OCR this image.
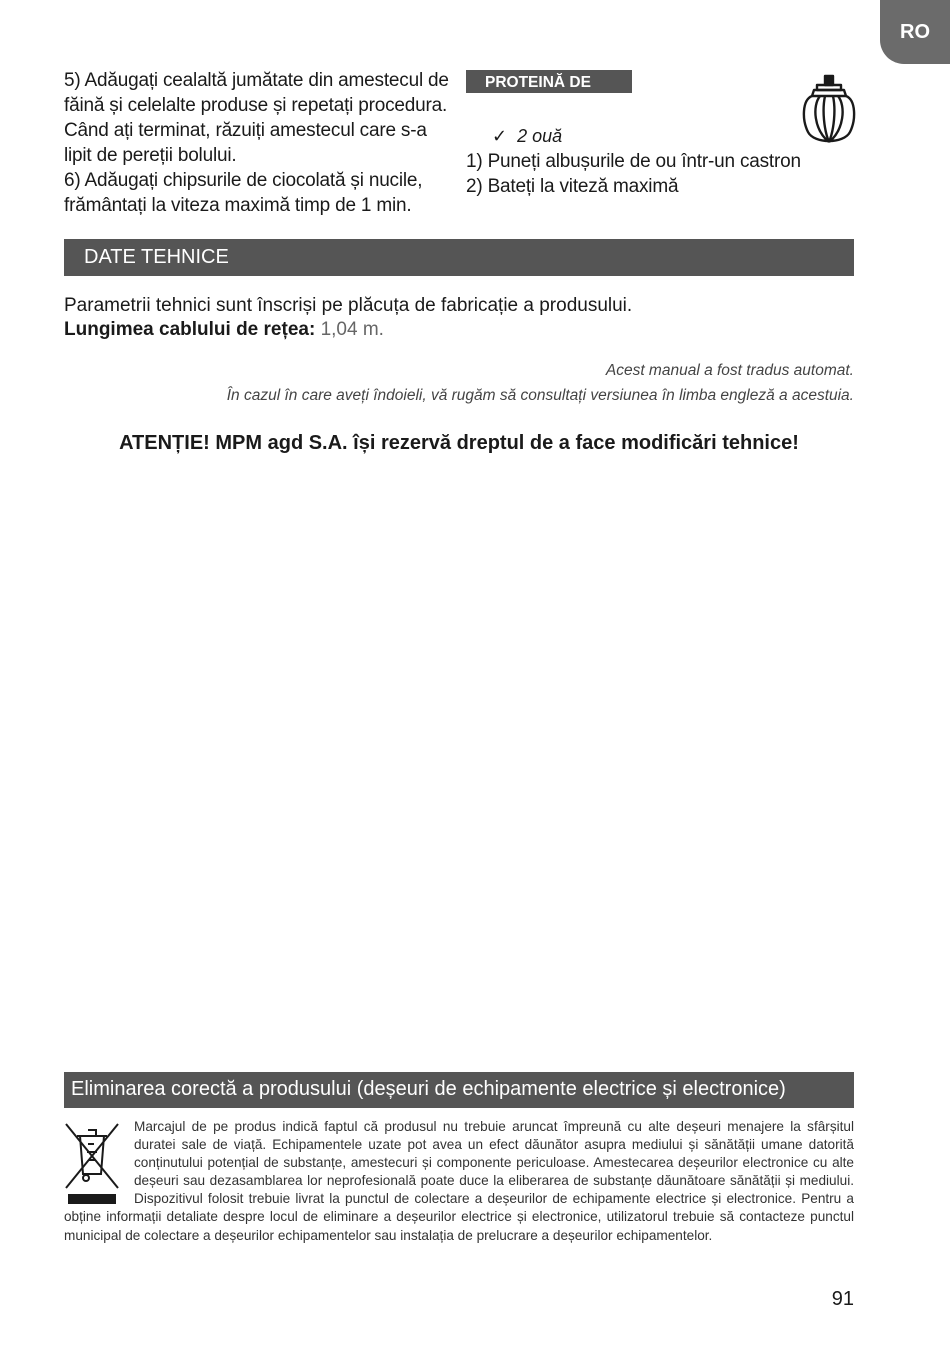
RO

5) Adăugați cealaltă jumătate din amestecul de făină și celelalte produse și repetați procedura. Când ați terminat, răzuiți amestecul care s-a lipit de pereții bolului.

6) Adăugați chipsurile de ciocolată și nucile, frământați la viteza maximă timp de 1 min.

PROTEINĂ DE BĂTUT
✓ 2 ouă

1) Puneți albușurile de ou într-un castron

2) Bateți la viteză maximă

DATE TEHNICE

Parametrii tehnici sunt înscriși pe plăcuța de fabricație a produsului.

Lungimea cablului de rețea: 1,04 m.

Acest manual a fost tradus automat.

În cazul în care aveți îndoieli, vă rugăm să consultați versiunea în limba engleză a acestuia.

ATENȚIE! MPM agd S.A. își rezervă dreptul de a face modificări tehnice!
Eliminarea corectă a produsului (deșeuri de echipamente electrice și electronice)
Marcajul de pe produs indică faptul că produsul nu trebuie aruncat împreună cu alte deșeuri menajere la sfârșitul duratei sale de viață. Echipamentele uzate pot avea un efect dăunător asupra mediului și sănătății umane datorită conținutului potențial de substanțe, amestecuri și componente periculoase. Amestecarea deșeurilor electronice cu alte deșeuri sau dezasamblarea lor neprofesională poate duce la eliberarea de substanțe dăunătoare sănătății și mediului. Dispozitivul folosit trebuie livrat la punctul de colectare a deșeurilor de echipamente electrice și electronice. Pentru a obține informații detaliate despre locul de eliminare a deșeurilor electrice și electronice, utilizatorul trebuie să contacteze punctul municipal de colectare a deșeurilor echipamentelor sau instalația de prelucrare a deșeurilor echipamentelor.
91
